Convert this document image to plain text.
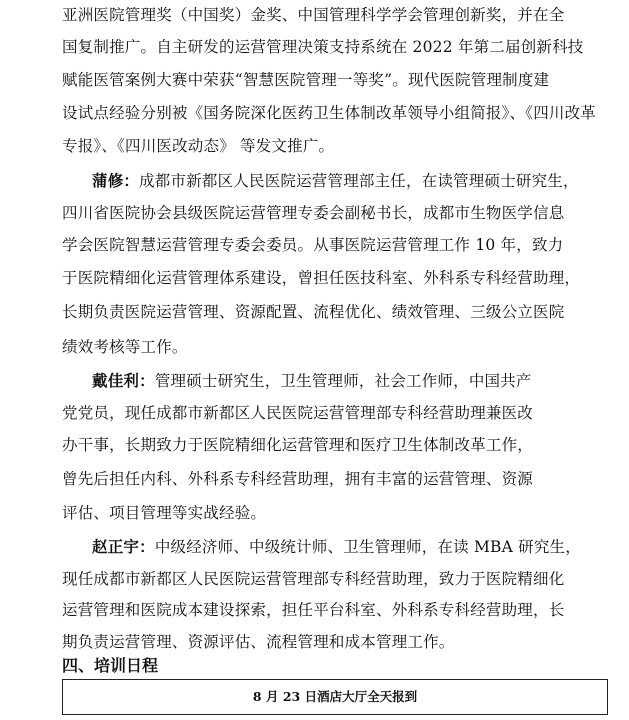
亚洲医院管理奖（中国奖）金奖、中国管理科学学会管理创新奖，并在全
国复制推广。自主研发的运营管理决策支持系统在 2022 年第二届创新科技
赋能医管案例大赛中荣获“智慧医院管理一等奖”。现代医院管理制度建
设试点经验分别被《国务院深化医药卫生体制改革领导小组简报》、《四川改革
专报》、《四川医改动态》 等发文推广。
蒲修：成都市新都区人民医院运营管理部主任，在读管理硕士研究生，
四川省医院协会县级医院运营管理专委会副秘书长，成都市生物医学信息
学会医院智慧运营管理专委会委员。从事医院运营管理工作 10 年，致力
于医院精细化运营管理体系建设，曾担任医技科室、外科系专科经营助理，
长期负责医院运营管理、资源配置、流程优化、绩效管理、三级公立医院
绩效考核等工作。
戴佳利：管理硕士研究生，卫生管理师，社会工作师，中国共产
党党员，现任成都市新都区人民医院运营管理部专科经营助理兼医改
办干事，长期致力于医院精细化运营管理和医疗卫生体制改革工作，
曾先后担任内科、外科系专科经营助理，拥有丰富的运营管理、资源
评估、项目管理等实战经验。
赵正宇：中级经济师、中级统计师、卫生管理师，在读 MBA 研究生，
现任成都市新都区人民医院运营管理部专科经营助理，致力于医院精细化
运营管理和医院成本建设探索，担任平台科室、外科系专科经营助理，长
期负责运营管理、资源评估、流程管理和成本管理工作。
四、培训日程
8 月 23 日酒店大厅全天报到
